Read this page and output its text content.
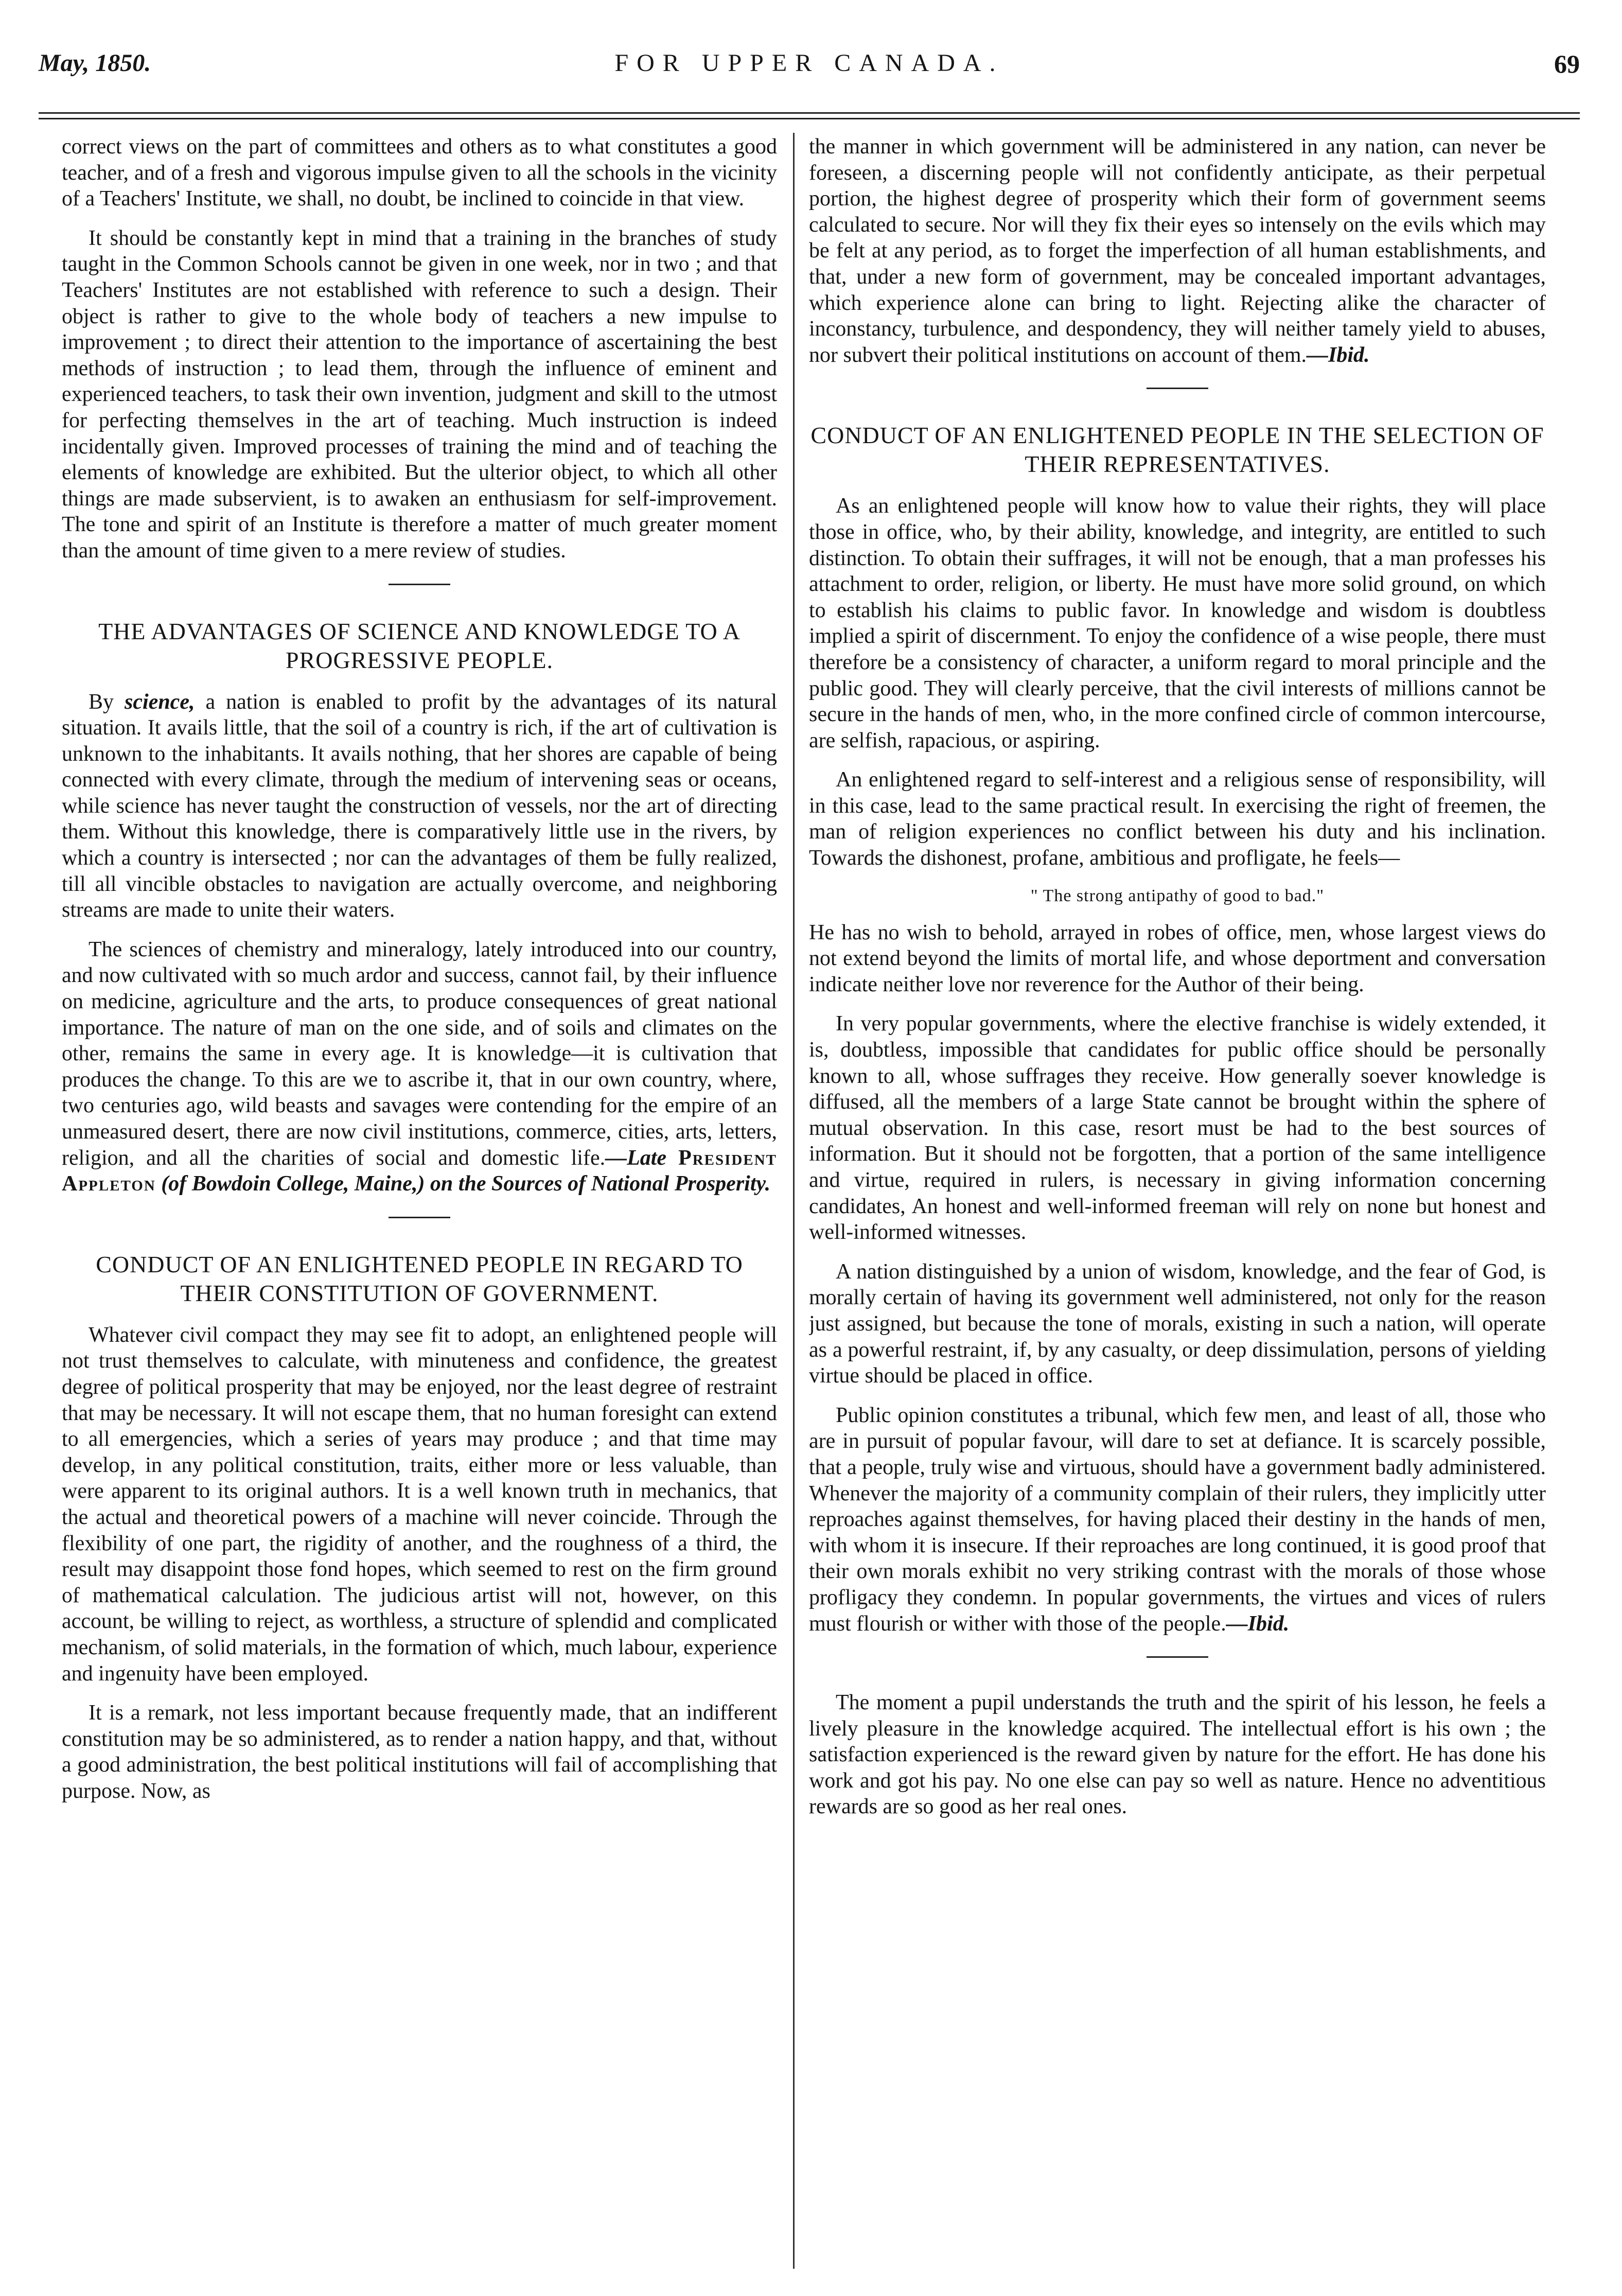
FOR UPPER CANADA.
May, 1850.	69

correct views on the part of committees and others as to what constitutes a good teacher, and of a fresh and vigorous impulse given to all the schools in the vicinity of a Teachers' Institute, we shall, no doubt, be inclined to coincide in that view.

It should be constantly kept in mind that a training in the branches of study taught in the Common Schools cannot be given in one week, nor in two ; and that Teachers' Institutes are not established with reference to such a design. Their object is rather to give to the whole body of teachers a new impulse to improvement ; to direct their attention to the importance of ascertaining the best methods of instruction ; to lead them, through the influence of eminent and experienced teachers, to task their own invention, judgment and skill to the utmost for perfecting themselves in the art of teaching. Much instruction is indeed incidentally given. Improved processes of training the mind and of teaching the elements of knowledge are exhibited. But the ulterior object, to which all other things are made subservient, is to awaken an enthusiasm for self-improvement. The tone and spirit of an Institute is therefore a matter of much greater moment than the amount of time given to a mere review of studies.

THE ADVANTAGES OF SCIENCE AND KNOWLEDGE TO A PROGRESSIVE PEOPLE.

By science, a nation is enabled to profit by the advantages of its natural situation. It avails little, that the soil of a country is rich, if the art of cultivation is unknown to the inhabitants. It avails nothing, that her shores are capable of being connected with every climate, through the medium of intervening seas or oceans, while science has never taught the construction of vessels, nor the art of directing them. Without this knowledge, there is comparatively little use in the rivers, by which a country is intersected ; nor can the advantages of them be fully realized, till all vincible obstacles to navigation are actually overcome, and neighboring streams are made to unite their waters.

The sciences of chemistry and mineralogy, lately introduced into our country, and now cultivated with so much ardor and success, cannot fail, by their influence on medicine, agriculture and the arts, to produce consequences of great national importance. The nature of man on the one side, and of soils and climates on the other, remains the same in every age. It is knowledge—it is cultivation that produces the change. To this are we to ascribe it, that in our own country, where, two centuries ago, wild beasts and savages were contending for the empire of an unmeasured desert, there are now civil institutions, commerce, cities, arts, letters, religion, and all the charities of social and domestic life.—Late President Appleton (of Bowdoin College, Maine,) on the Sources of National Prosperity.

CONDUCT OF AN ENLIGHTENED PEOPLE IN REGARD TO THEIR CONSTITUTION OF GOVERNMENT.

Whatever civil compact they may see fit to adopt, an enlightened people will not trust themselves to calculate, with minuteness and confidence, the greatest degree of political prosperity that may be enjoyed, nor the least degree of restraint that may be necessary. It will not escape them, that no human foresight can extend to all emergencies, which a series of years may produce ; and that time may develop, in any political constitution, traits, either more or less valuable, than were apparent to its original authors. It is a well known truth in mechanics, that the actual and theoretical powers of a machine will never coincide. Through the flexibility of one part, the rigidity of another, and the roughness of a third, the result may disappoint those fond hopes, which seemed to rest on the firm ground of mathematical calculation. The judicious artist will not, however, on this account, be willing to reject, as worthless, a structure of splendid and complicated mechanism, of solid materials, in the formation of which, much labour, experience and ingenuity have been employed.

It is a remark, not less important because frequently made, that an indifferent constitution may be so administered, as to render a nation happy, and that, without a good administration, the best political institutions will fail of accomplishing that purpose. Now, as

the manner in which government will be administered in any nation, can never be foreseen, a discerning people will not confidently anticipate, as their perpetual portion, the highest degree of prosperity which their form of government seems calculated to secure. Nor will they fix their eyes so intensely on the evils which may be felt at any period, as to forget the imperfection of all human establishments, and that, under a new form of government, may be concealed important advantages, which experience alone can bring to light. Rejecting alike the character of inconstancy, turbulence, and despondency, they will neither tamely yield to abuses, nor subvert their political institutions on account of them.—Ibid.

CONDUCT OF AN ENLIGHTENED PEOPLE IN THE SELECTION OF THEIR REPRESENTATIVES.

As an enlightened people will know how to value their rights, they will place those in office, who, by their ability, knowledge, and integrity, are entitled to such distinction. To obtain their suffrages, it will not be enough, that a man professes his attachment to order, religion, or liberty. He must have more solid ground, on which to establish his claims to public favor. In knowledge and wisdom is doubtless implied a spirit of discernment. To enjoy the confidence of a wise people, there must therefore be a consistency of character, a uniform regard to moral principle and the public good. They will clearly perceive, that the civil interests of millions cannot be secure in the hands of men, who, in the more confined circle of common intercourse, are selfish, rapacious, or aspiring.

An enlightened regard to self-interest and a religious sense of responsibility, will in this case, lead to the same practical result. In exercising the right of freemen, the man of religion experiences no conflict between his duty and his inclination. Towards the dishonest, profane, ambitious and profligate, he feels—

" The strong antipathy of good to bad."

He has no wish to behold, arrayed in robes of office, men, whose largest views do not extend beyond the limits of mortal life, and whose deportment and conversation indicate neither love nor reverence for the Author of their being.

In very popular governments, where the elective franchise is widely extended, it is, doubtless, impossible that candidates for public office should be personally known to all, whose suffrages they receive. How generally soever knowledge is diffused, all the members of a large State cannot be brought within the sphere of mutual observation. In this case, resort must be had to the best sources of information. But it should not be forgotten, that a portion of the same intelligence and virtue, required in rulers, is necessary in giving information concerning candidates, An honest and well-informed freeman will rely on none but honest and well-informed witnesses.

A nation distinguished by a union of wisdom, knowledge, and the fear of God, is morally certain of having its government well administered, not only for the reason just assigned, but because the tone of morals, existing in such a nation, will operate as a powerful restraint, if, by any casualty, or deep dissimulation, persons of yielding virtue should be placed in office.

Public opinion constitutes a tribunal, which few men, and least of all, those who are in pursuit of popular favour, will dare to set at defiance. It is scarcely possible, that a people, truly wise and virtuous, should have a government badly administered. Whenever the majority of a community complain of their rulers, they implicitly utter reproaches against themselves, for having placed their destiny in the hands of men, with whom it is insecure. If their reproaches are long continued, it is good proof that their own morals exhibit no very striking contrast with the morals of those whose profligacy they condemn. In popular governments, the virtues and vices of rulers must flourish or wither with those of the people.—Ibid.

The moment a pupil understands the truth and the spirit of his lesson, he feels a lively pleasure in the knowledge acquired. The intellectual effort is his own ; the satisfaction experienced is the reward given by nature for the effort. He has done his work and got his pay. No one else can pay so well as nature. Hence no adventitious rewards are so good as her real ones.
